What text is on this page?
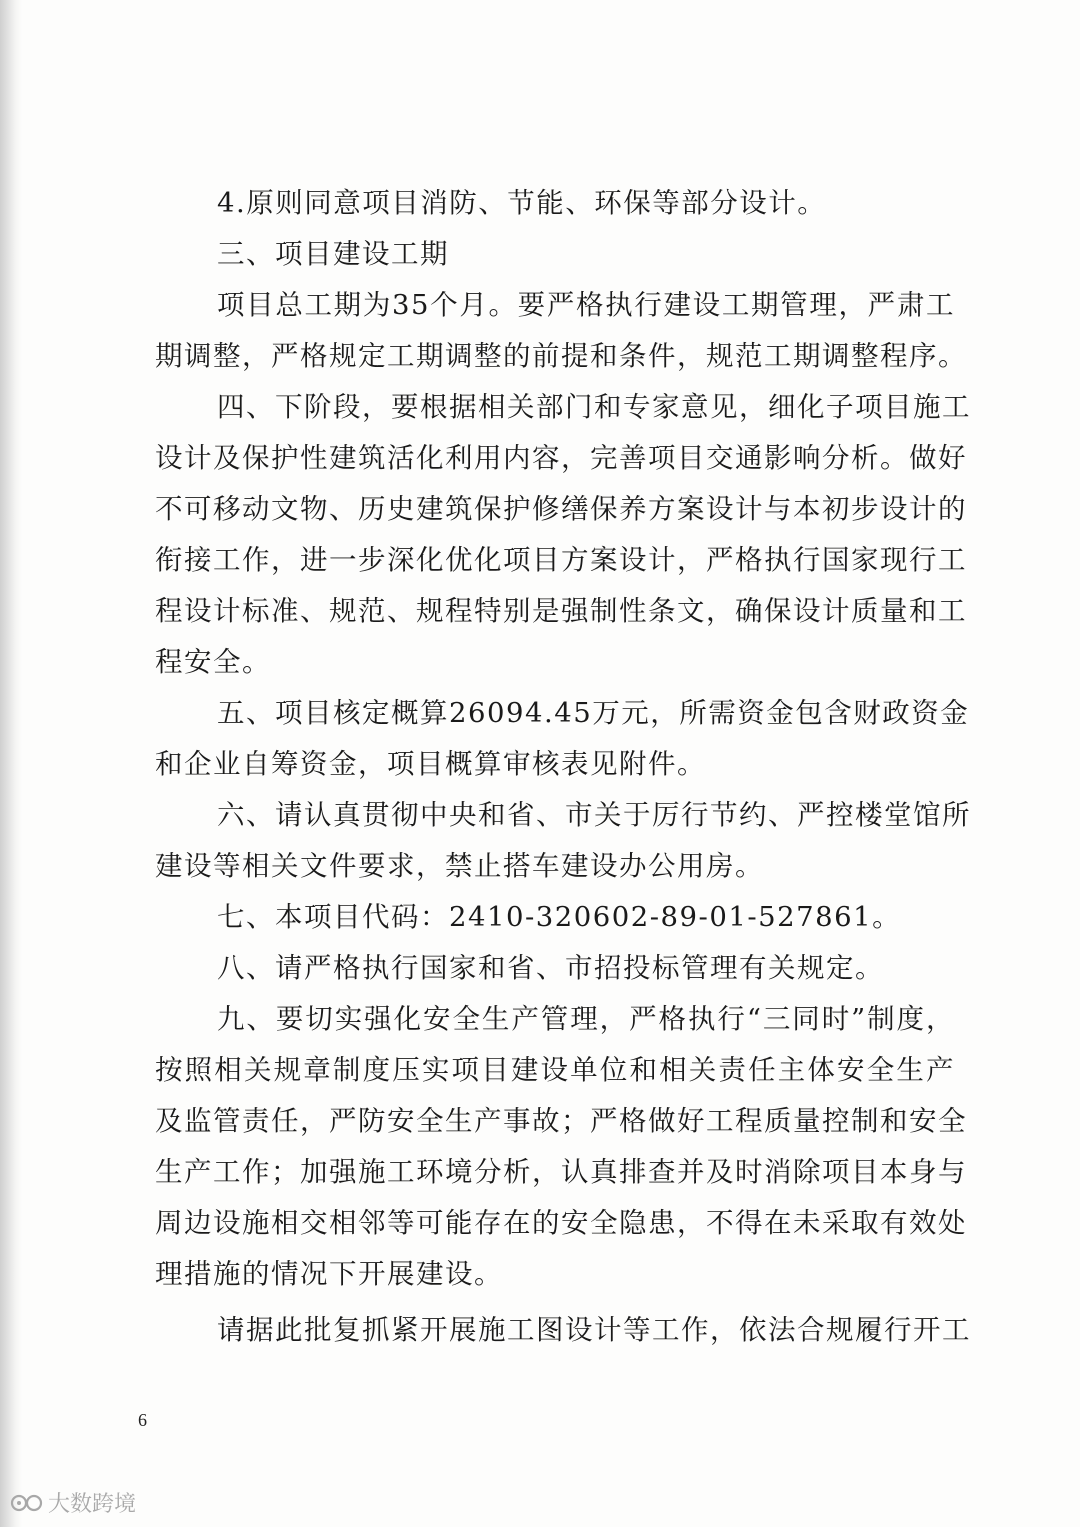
4.原则同意项目消防、节能、环保等部分设计。
三、项目建设工期
项目总工期为35个月。要严格执行建设工期管理，严肃工
期调整，严格规定工期调整的前提和条件，规范工期调整程序。
四、下阶段，要根据相关部门和专家意见，细化子项目施工
设计及保护性建筑活化利用内容，完善项目交通影响分析。做好
不可移动文物、历史建筑保护修缮保养方案设计与本初步设计的
衔接工作，进一步深化优化项目方案设计，严格执行国家现行工
程设计标准、规范、规程特别是强制性条文，确保设计质量和工
程安全。
五、项目核定概算26094.45万元，所需资金包含财政资金
和企业自筹资金，项目概算审核表见附件。
六、请认真贯彻中央和省、市关于厉行节约、严控楼堂馆所
建设等相关文件要求，禁止搭车建设办公用房。
七、本项目代码：2410-320602-89-01-527861。
八、请严格执行国家和省、市招投标管理有关规定。
九、要切实强化安全生产管理，严格执行“三同时”制度，
按照相关规章制度压实项目建设单位和相关责任主体安全生产
及监管责任，严防安全生产事故；严格做好工程质量控制和安全
生产工作；加强施工环境分析，认真排查并及时消除项目本身与
周边设施相交相邻等可能存在的安全隐患，不得在未采取有效处
理措施的情况下开展建设。
请据此批复抓紧开展施工图设计等工作，依法合规履行开工
6
大数跨境
